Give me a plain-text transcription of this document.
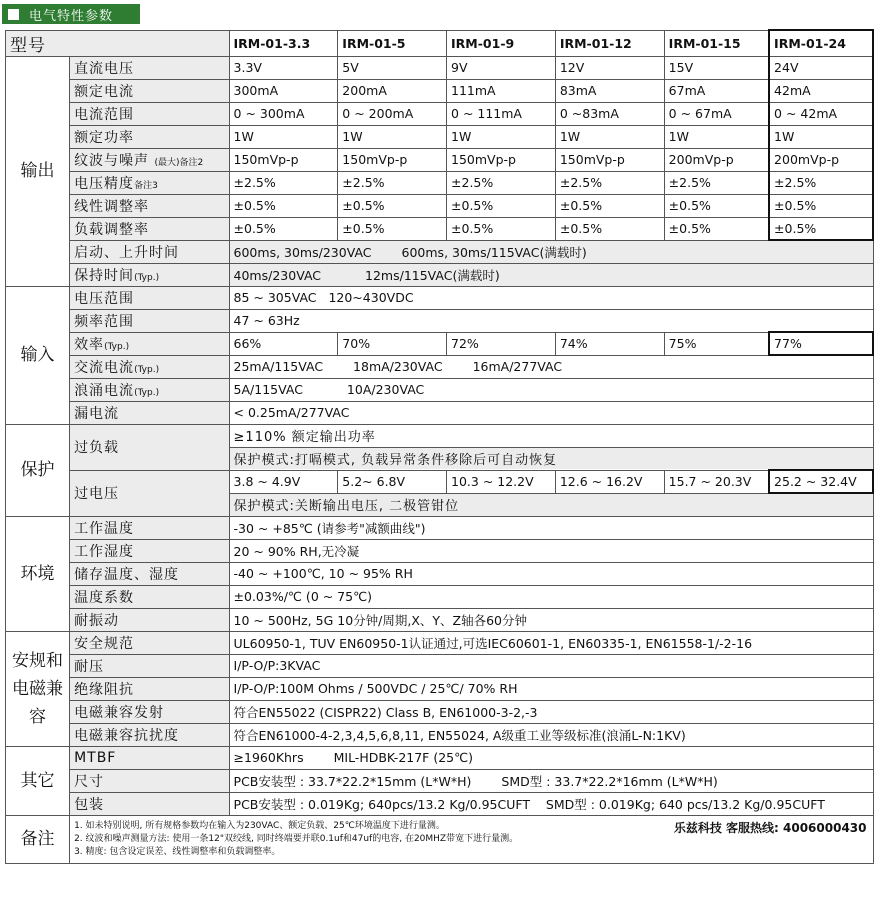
电气特性参数
型号		IRM-01-3.3	IRM-01-5	IRM-01-9	IRM-01-12	IRM-01-15	IRM-01-24
输出	直流电压	3.3V	5V	9V	12V	15V	24V
	额定电流	300mA	200mA	111mA	83mA	67mA	42mA
	电流范围	0 ~ 300mA	0 ~ 200mA	0 ~ 111mA	0 ~83mA	0 ~ 67mA	0 ~ 42mA
	额定功率	1W	1W	1W	1W	1W	1W
	纹波与噪声 (最大)备注2	150mVp-p	150mVp-p	150mVp-p	150mVp-p	200mVp-p	200mVp-p
	电压精度备注3	±2.5%	±2.5%	±2.5%	±2.5%	±2.5%	±2.5%
	线性调整率	±0.5%	±0.5%	±0.5%	±0.5%	±0.5%	±0.5%
	负载调整率	±0.5%	±0.5%	±0.5%	±0.5%	±0.5%	±0.5%
	启动、上升时间	600ms, 30ms/230VAC 600ms, 30ms/115VAC(满载时)					
	保持时间(Typ.)	40ms/230VAC 12ms/115VAC(满载时)					
输入	电压范围	85 ~ 305VAC 120~430VDC					
	频率范围	47 ~ 63Hz					
	效率(Typ.)	66%	70%	72%	74%	75%	77%
	交流电流(Typ.)	25mA/115VAC 18mA/230VAC 16mA/277VAC					
	浪涌电流(Typ.)	5A/115VAC 10A/230VAC					
	漏电流	< 0.25mA/277VAC					
保护	过负载	≥110% 额定输出功率					
		保护模式:打嗝模式, 负载异常条件移除后可自动恢复					
	过电压	3.8 ~ 4.9V	5.2~ 6.8V	10.3 ~ 12.2V	12.6 ~ 16.2V	15.7 ~ 20.3V	25.2 ~ 32.4V
		保护模式:关断输出电压, 二极管钳位					
环境	工作温度	-30 ~ +85℃ (请参考"减额曲线")					
	工作湿度	20 ~ 90% RH,无冷凝					
	储存温度、湿度	-40 ~ +100℃, 10 ~ 95% RH					
	温度系数	±0.03%/℃ (0 ~ 75℃)					
	耐振动	10 ~ 500Hz, 5G 10分钟/周期,X、Y、Z轴各60分钟					
安规和电磁兼容	安全规范	UL60950-1, TUV EN60950-1认证通过,可选IEC60601-1, EN60335-1, EN61558-1/-2-16					
	耐压	I/P-O/P:3KVAC					
	绝缘阻抗	I/P-O/P:100M Ohms / 500VDC / 25℃/ 70% RH					
	电磁兼容发射	符合EN55022 (CISPR22) Class B, EN61000-3-2,-3					
	电磁兼容抗扰度	符合EN61000-4-2,3,4,5,6,8,11, EN55024, A级重工业等级标准(浪涌L-N:1KV)					
其它	MTBF	≥1960Khrs MIL-HDBK-217F (25℃)					
	尺寸	PCB安装型 : 33.7*22.2*15mm (L*W*H) SMD型 : 33.7*22.2*16mm (L*W*H)					
	包装	PCB安装型 : 0.019Kg; 640pcs/13.2 Kg/0.95CUFT SMD型 : 0.019Kg; 640 pcs/13.2 Kg/0.95CUFT					
备注	1. 如未特别说明, 所有规格参数均在输入为230VAC、额定负载、25℃环境温度下进行量测。
2. 纹波和噪声测量方法: 使用一条12"双绞线, 同时终端要并联0.1uf和47uf的电容, 在20MHZ带宽下进行量测。
3. 精度: 包含设定误差、线性调整率和负载调整率。
乐兹科技 客服热线: 4006000430						
